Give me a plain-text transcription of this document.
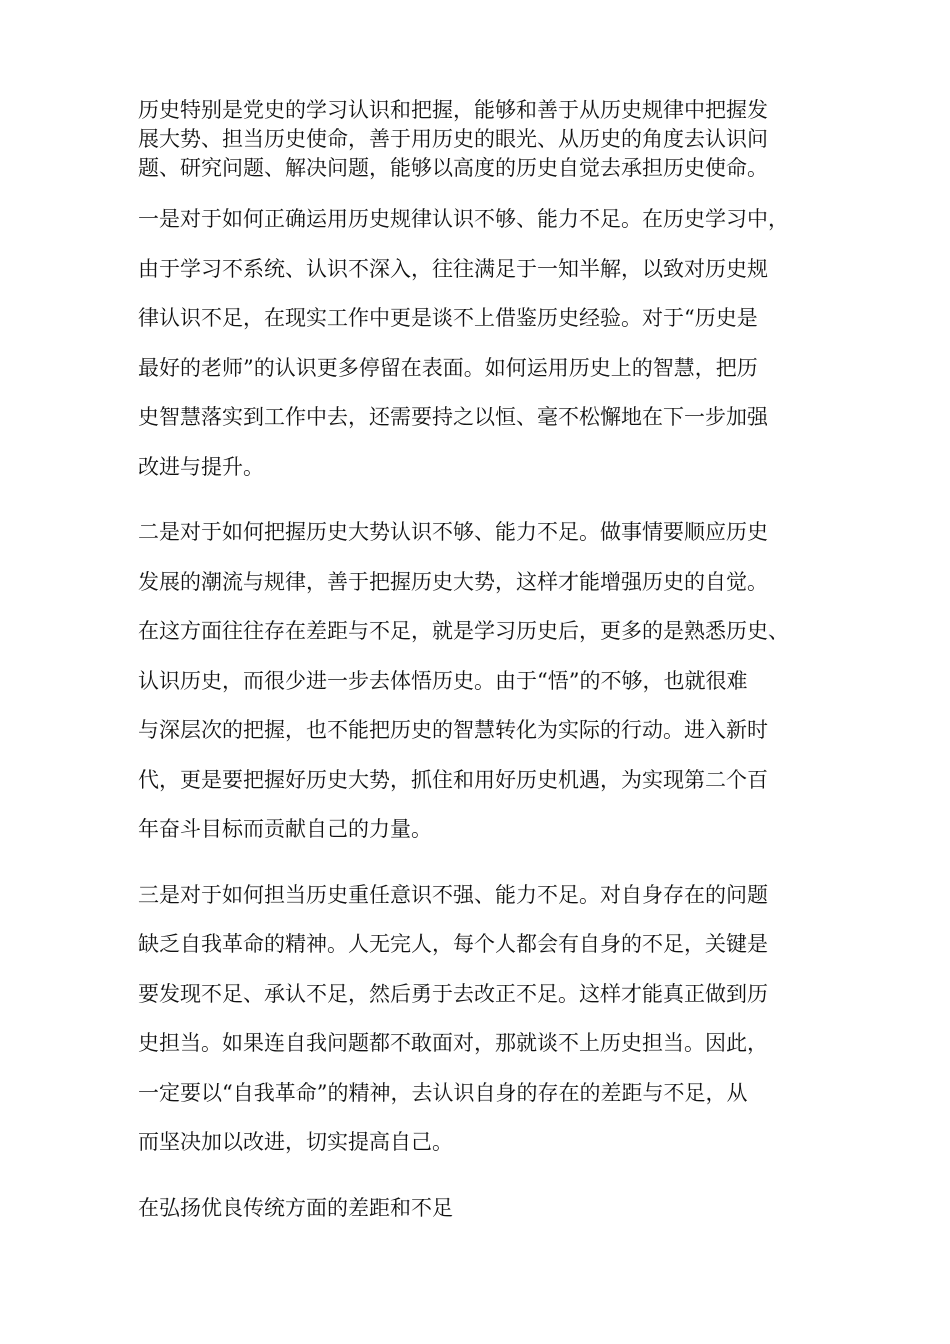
历史特别是党史的学习认识和把握，能够和善于从历史规律中把握发
展大势、担当历史使命，善于用历史的眼光、从历史的角度去认识问
题、研究问题、解决问题，能够以高度的历史自觉去承担历史使命。

一是对于如何正确运用历史规律认识不够、能力不足。在历史学习中，
由于学习不系统、认识不深入，往往满足于一知半解，以致对历史规
律认识不足，在现实工作中更是谈不上借鉴历史经验。对于“历史是
最好的老师”的认识更多停留在表面。如何运用历史上的智慧，把历
史智慧落实到工作中去，还需要持之以恒、毫不松懈地在下一步加强
改进与提升。

二是对于如何把握历史大势认识不够、能力不足。做事情要顺应历史
发展的潮流与规律，善于把握历史大势，这样才能增强历史的自觉。
在这方面往往存在差距与不足，就是学习历史后，更多的是熟悉历史、
认识历史，而很少进一步去体悟历史。由于“悟”的不够，也就很难
与深层次的把握，也不能把历史的智慧转化为实际的行动。进入新时
代，更是要把握好历史大势，抓住和用好历史机遇，为实现第二个百
年奋斗目标而贡献自己的力量。

三是对于如何担当历史重任意识不强、能力不足。对自身存在的问题
缺乏自我革命的精神。人无完人，每个人都会有自身的不足，关键是
要发现不足、承认不足，然后勇于去改正不足。这样才能真正做到历
史担当。如果连自我问题都不敢面对，那就谈不上历史担当。因此，
一定要以“自我革命”的精神，去认识自身的存在的差距与不足，从
而坚决加以改进，切实提高自己。

在弘扬优良传统方面的差距和不足
